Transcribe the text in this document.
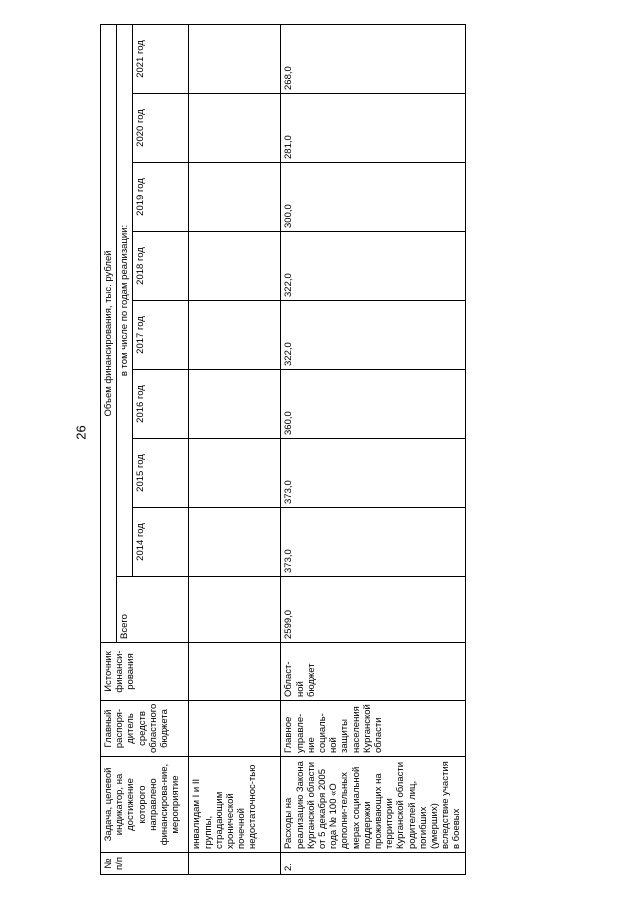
26
№ п/п	Задача, целевой индикатор, на достижение которого направлено финансирова-ние, мероприятие	Главный распоря-дитель средств областного бюджета	Источник финанси-рования	Объем финансирования, тыс. рублей								
				Всего	в том числе по годам реализации:							
					2014 год	2015 год	2016 год	2017 год	2018 год	2019 год	2020 год	2021 год
	инвалидам I и II группы, страдающим хронической почечной недостаточнос-тью											
2.	Расходы на реализацию Закона Курганской области от 5 декабря 2005 года № 100 «О дополни-тельных мерах социальной поддержки проживающих на территории Курганской области родителей лиц, погибших (умерших) вследствие участия в боевых	Главное управле-ние социаль-ной защиты населения Курганской области	Област-ной бюджет	2599,0	373,0	373,0	360,0	322,0	322,0	300,0	281,0	268,0
